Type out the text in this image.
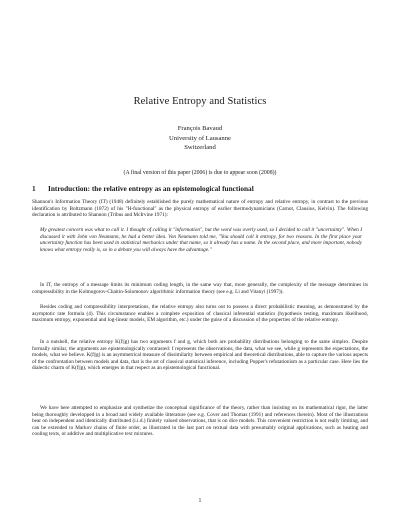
Relative Entropy and Statistics
François Bavaud
University of Lausanne
Switzerland
(A final version of this paper (2006) is due to appear soon (2008))
1 Introduction: the relative entropy as an epistemological functional
Shannon's Information Theory (IT) (1948) definitely established the purely mathematical nature of entropy and relative entropy, in contrast to the previous identification by Boltzmann (1872) of his "H-functional" as the physical entropy of earlier thermodynamicians (Carnot, Clausius, Kelvin). The following declaration is attributed to Shannon (Tribus and McIrvine 1971):
My greatest concern was what to call it. I thought of calling it "information", but the word was overly used, so I decided to call it "uncertainty". When I discussed it with John von Neumann, he had a better idea. Von Neumann told me, "You should call it entropy, for two reasons. In the first place your uncertainty function has been used in statistical mechanics under that name, so it already has a name. In the second place, and more important, nobody knows what entropy really is, so in a debate you will always have the advantage."
In IT, the entropy of a message limits its minimum coding length, in the same way that, more generally, the complexity of the message determines its compressibility in the Kolmogorov-Chaitin-Solomonov algorithmic information theory (see e.g. Li and Vitanyi (1997)).
Besides coding and compressibility interpretations, the relative entropy also turns out to possess a direct probabilistic meaning, as demonstrated by the asymptotic rate formula (4). This circumstance enables a complete exposition of classical inferential statistics (hypothesis testing, maximum likelihood, maximum entropy, exponential and log-linear models, EM algorithm, etc.) under the guise of a discussion of the properties of the relative entropy.
In a nutshell, the relative entropy K(f||g) has two arguments f and g, which both are probability distributions belonging to the same simplex. Despite formally similar, the arguments are epistemologically contrasted: f represents the observations, the data, what we see, while g represents the expectations, the models, what we believe. K(f||g) is an asymmetrical measure of dissimilarity between empirical and theoretical distributions, able to capture the various aspects of the confrontation between models and data, that is the art of classical statistical inference, including Popper's refutationism as a particular case. Here lies the dialectic charm of K(f||g), which emerges in that respect as an epistemological functional.
We have here attempted to emphasize and synthetize the conceptual significance of the theory, rather than insisting on its mathematical rigor, the latter being thoroughly developped in a broad and widely available litterature (see e.g. Cover and Thomas (1991) and references therein). Most of the illustrations bear on independent and identically distributed (i.i.d.) finitely valued observations, that is on dice models. This convenient restriction is not really limiting, and can be extended to Markov chains of finite order, as illustrated in the last part on textual data with presumably original applications, such as heating and cooling texts, or additive and multiplicative text mixtures.
1
